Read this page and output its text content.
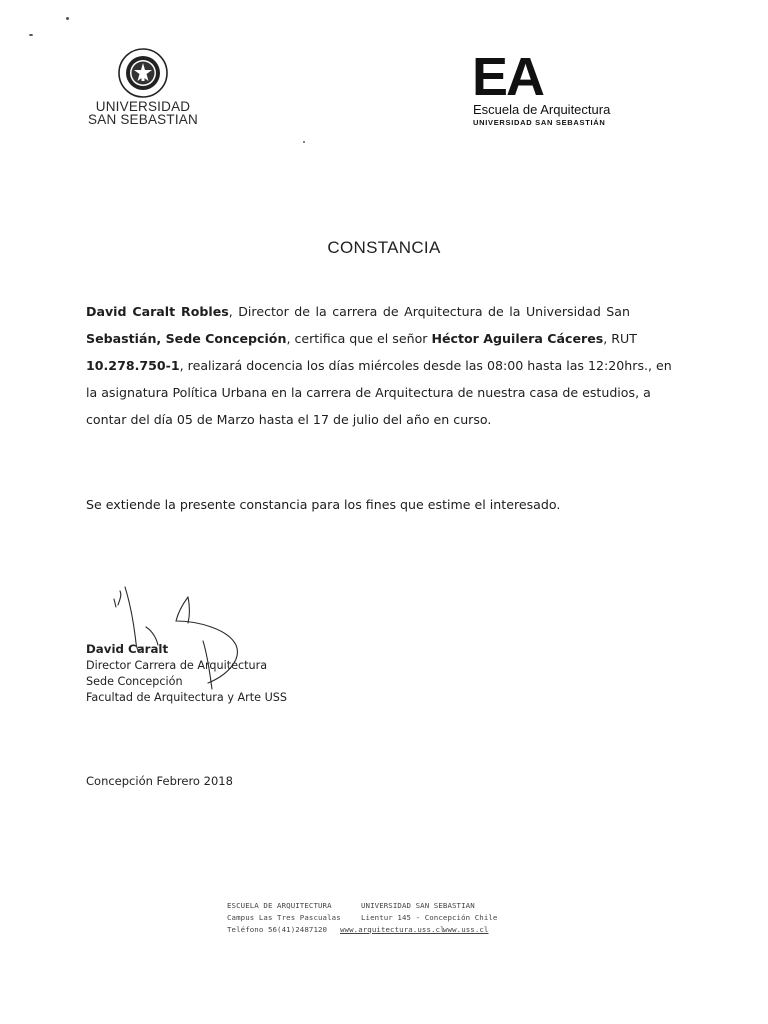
UNIVERSIDAD
SAN SEBASTIAN
EA
Escuela de Arquitectura
UNIVERSIDAD SAN SEBASTIÁN
CONSTANCIA
David Caralt Robles, Director de la carrera de Arquitectura de la Universidad San
Sebastián, Sede Concepción, certifica que el señor Héctor Aguilera Cáceres, RUT
10.278.750-1, realizará docencia los días miércoles desde las 08:00 hasta las 12:20hrs., en
la asignatura Política Urbana en la carrera de Arquitectura de nuestra casa de estudios, a
contar del día 05 de Marzo hasta el 17 de julio del año en curso.
Se extiende la presente constancia para los fines que estime el interesado.
David Caralt
Director Carrera de Arquitectura
Sede Concepción
Facultad de Arquitectura y Arte USS
Concepción Febrero 2018
ESCUELA DE ARQUITECTURA	UNIVERSIDAD SAN SEBASTIAN
Campus Las Tres Pascualas	Lientur 145 - Concepción Chile
Teléfono 56(41)2487120 www.arquitectura.uss.cl
www.uss.cl
